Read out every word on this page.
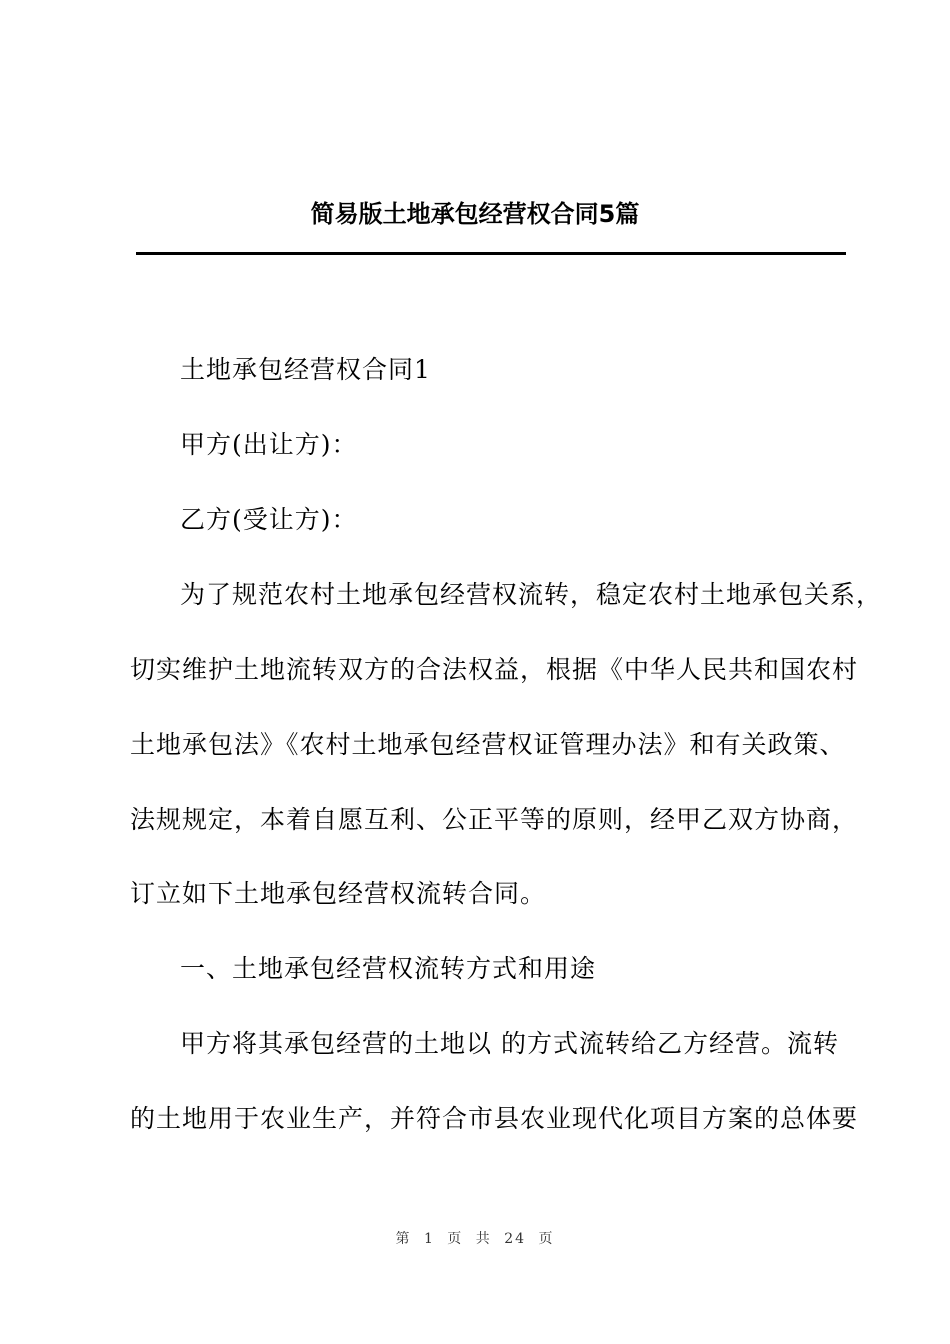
简易版土地承包经营权合同5篇
土地承包经营权合同1
甲方(出让方)：
乙方(受让方)：
为了规范农村土地承包经营权流转，稳定农村土地承包关系，
切实维护土地流转双方的合法权益，根据《中华人民共和国农村
土地承包法》《农村土地承包经营权证管理办法》和有关政策、
法规规定，本着自愿互利、公正平等的原则，经甲乙双方协商，
订立如下土地承包经营权流转合同。
一、土地承包经营权流转方式和用途
甲方将其承包经营的土地以 的方式流转给乙方经营。流转
的土地用于农业生产，并符合市县农业现代化项目方案的总体要
第 1 页 共 24 页
